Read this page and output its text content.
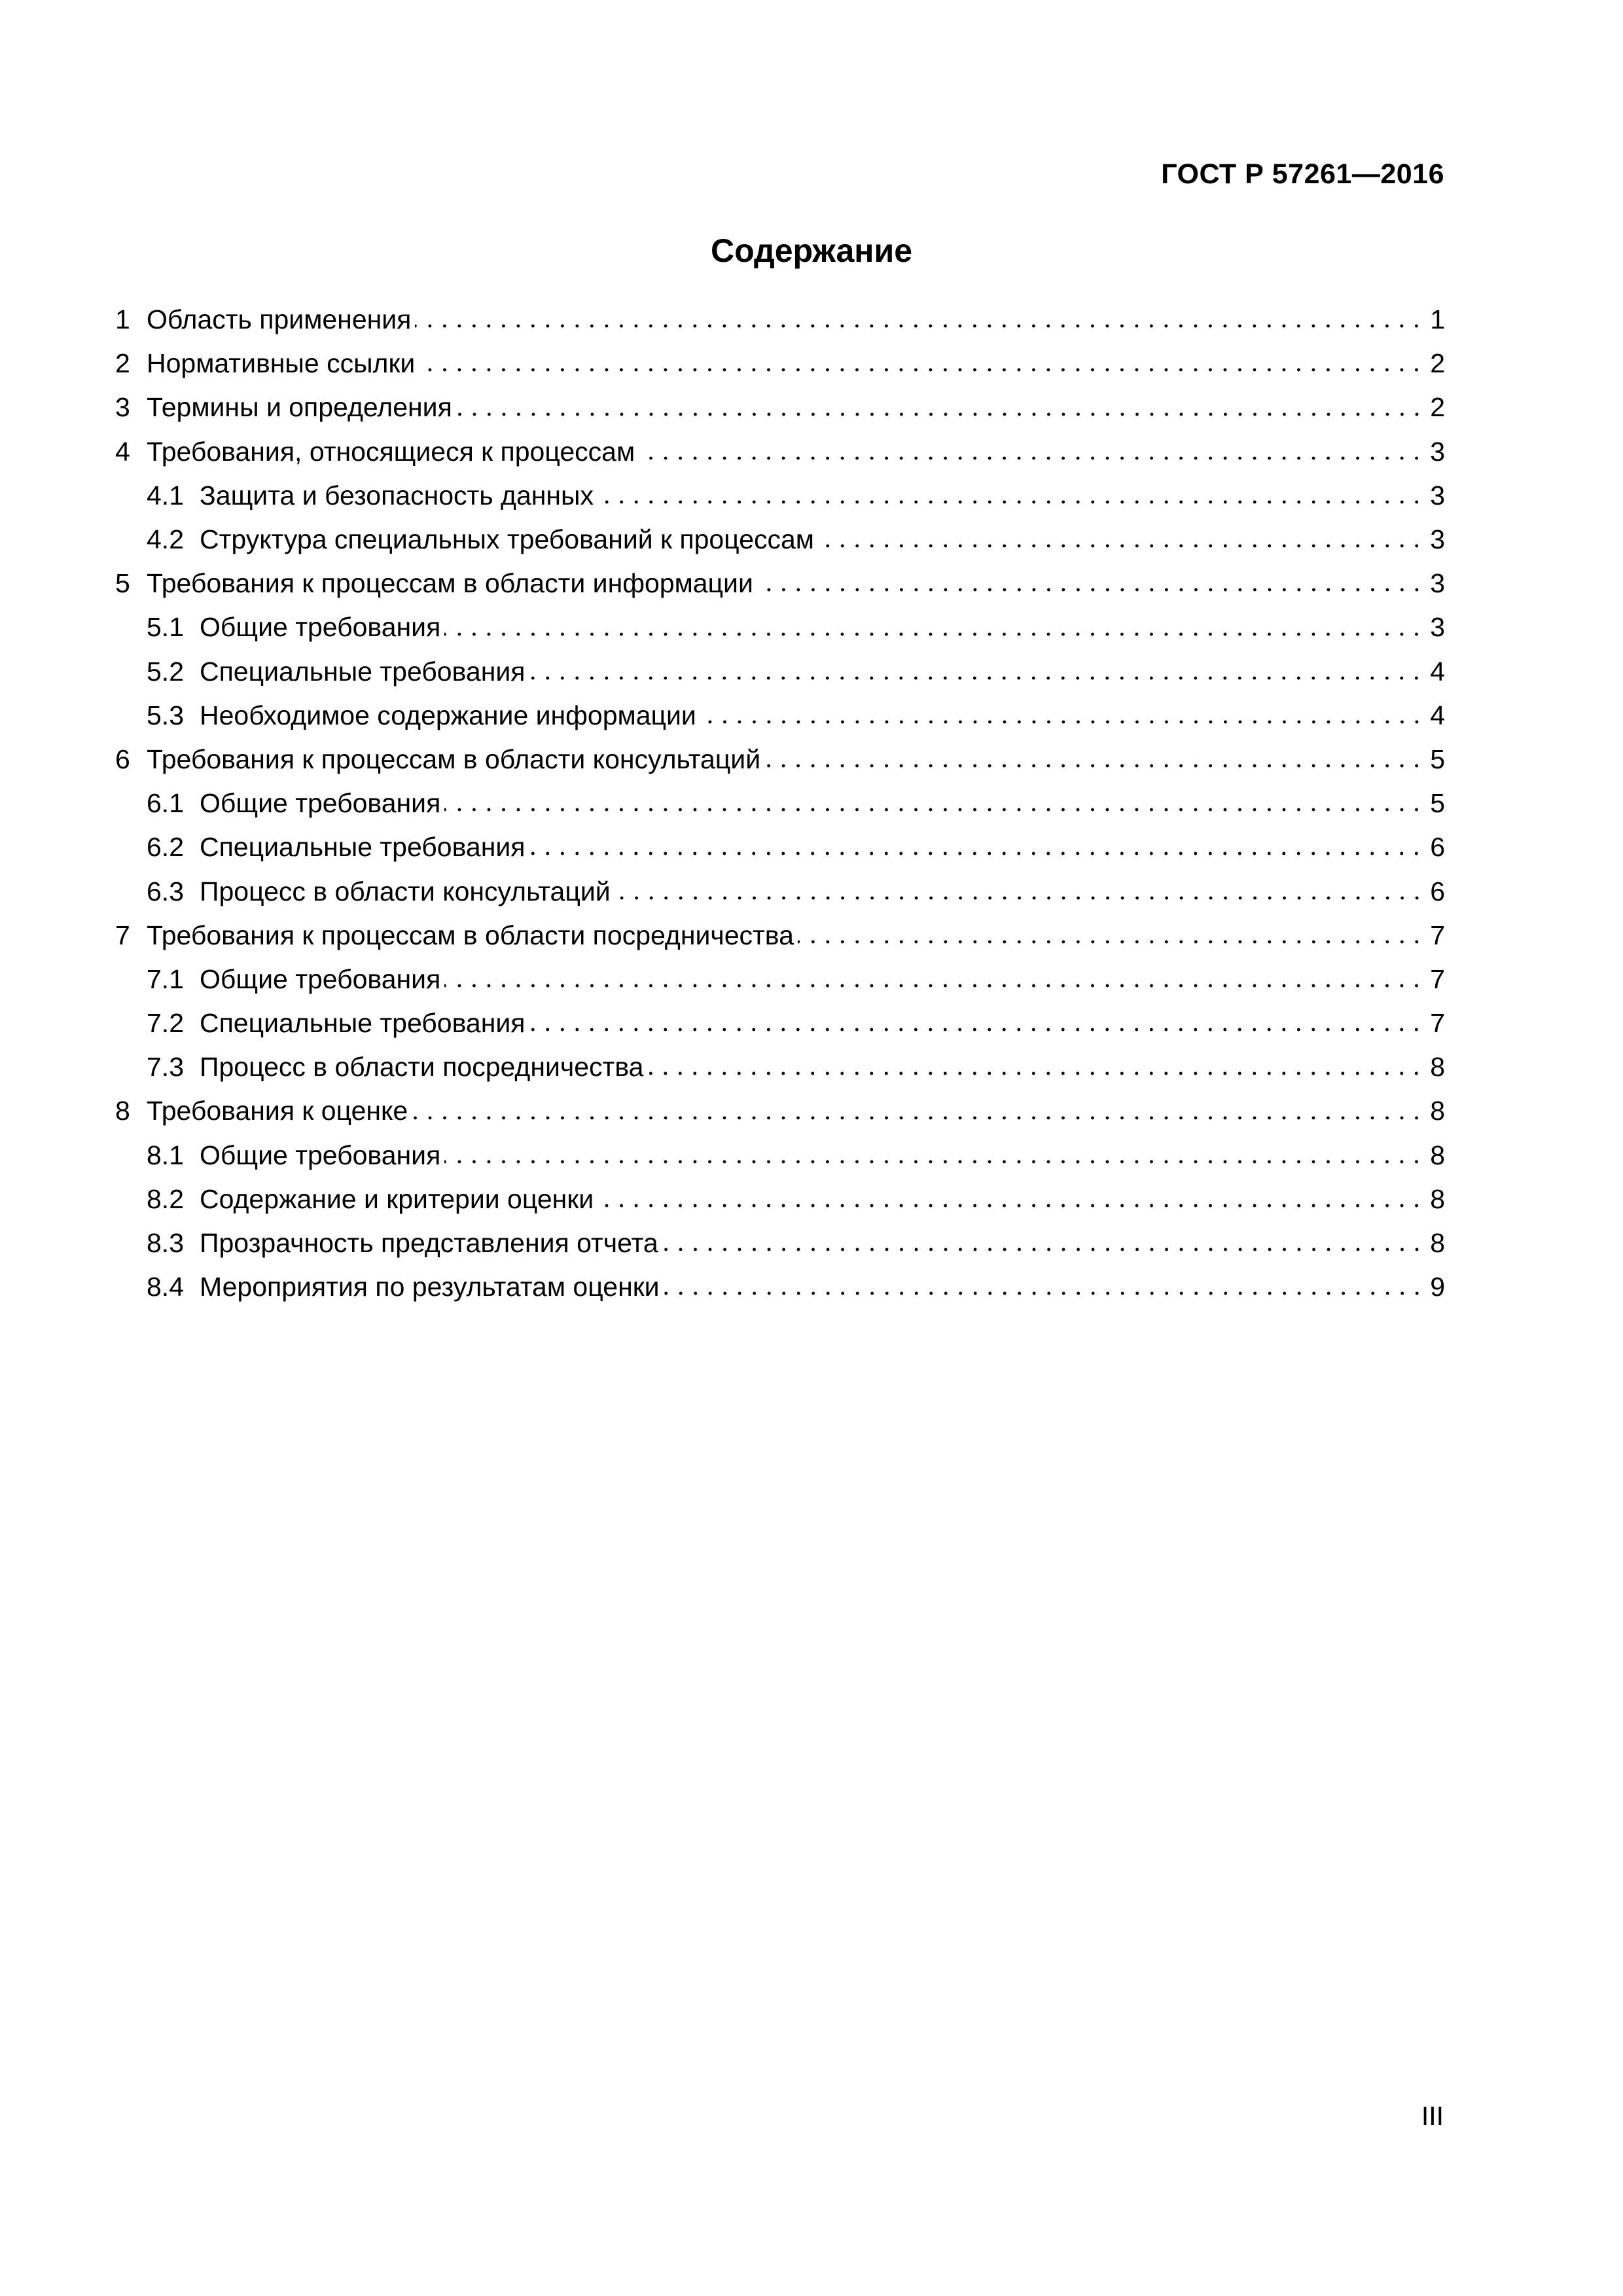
ГОСТ Р 57261—2016
Содержание
1 Область применения	1
2 Нормативные ссылки	2
3 Термины и определения	2
4 Требования, относящиеся к процессам	3
4.1 Защита и безопасность данных	3
4.2 Структура специальных требований к процессам	3
5 Требования к процессам в области информации	3
5.1 Общие требования	3
5.2 Специальные требования	4
5.3 Необходимое содержание информации	4
6 Требования к процессам в области консультаций	5
6.1 Общие требования	5
6.2 Специальные требования	6
6.3 Процесс в области консультаций	6
7 Требования к процессам в области посредничества	7
7.1 Общие требования	7
7.2 Специальные требования	7
7.3 Процесс в области посредничества	8
8 Требования к оценке	8
8.1 Общие требования	8
8.2 Содержание и критерии оценки	8
8.3 Прозрачность представления отчета	8
8.4 Мероприятия по результатам оценки	9
III
